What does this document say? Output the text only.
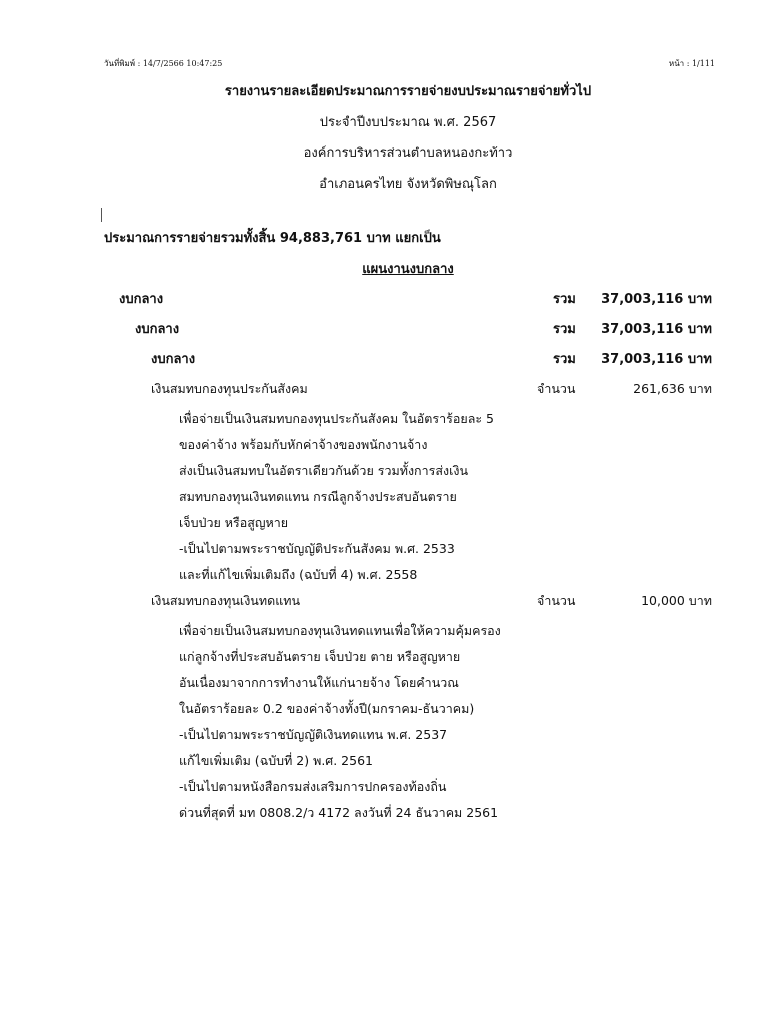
วันที่พิมพ์ : 14/7/2566 10:47:25	หน้า : 1/111
รายงานรายละเอียดประมาณการรายจ่ายงบประมาณรายจ่ายทั่วไป
ประจำปีงบประมาณ พ.ศ. 2567
องค์การบริหารส่วนตำบลหนองกะท้าว
อำเภอนครไทย จังหวัดพิษณุโลก
ประมาณการรายจ่ายรวมทั้งสิ้น 94,883,761 บาท แยกเป็น
แผนงานงบกลาง
งบกลาง	รวม 37,003,116 บาท
งบกลาง	รวม 37,003,116 บาท
งบกลาง	รวม 37,003,116 บาท
เงินสมทบกองทุนประกันสังคม	จำนวน	261,636 บาท
เพื่อจ่ายเป็นเงินสมทบกองทุนประกันสังคม ในอัตราร้อยละ 5
ของค่าจ้าง พร้อมกับหักค่าจ้างของพนักงานจ้าง
ส่งเป็นเงินสมทบในอัตราเดียวกันด้วย รวมทั้งการส่งเงิน
สมทบกองทุนเงินทดแทน กรณีลูกจ้างประสบอันตราย
เจ็บป่วย หรือสูญหาย
-เป็นไปตามพระราชบัญญัติประกันสังคม พ.ศ. 2533
และที่แก้ไขเพิ่มเติมถึง (ฉบับที่ 4) พ.ศ. 2558
เงินสมทบกองทุนเงินทดแทน	จำนวน	10,000 บาท
เพื่อจ่ายเป็นเงินสมทบกองทุนเงินทดแทนเพื่อให้ความคุ้มครอง
แก่ลูกจ้างที่ประสบอันตราย เจ็บป่วย ตาย หรือสูญหาย
อันเนื่องมาจากการทำงานให้แก่นายจ้าง โดยคำนวณ
ในอัตราร้อยละ 0.2 ของค่าจ้างทั้งปี(มกราคม-ธันวาคม)
-เป็นไปตามพระราชบัญญัติเงินทดแทน พ.ศ. 2537
แก้ไขเพิ่มเติม (ฉบับที่ 2) พ.ศ. 2561
-เป็นไปตามหนังสือกรมส่งเสริมการปกครองท้องถิ่น
ด่วนที่สุดที่ มท 0808.2/ว 4172 ลงวันที่ 24 ธันวาคม 2561
